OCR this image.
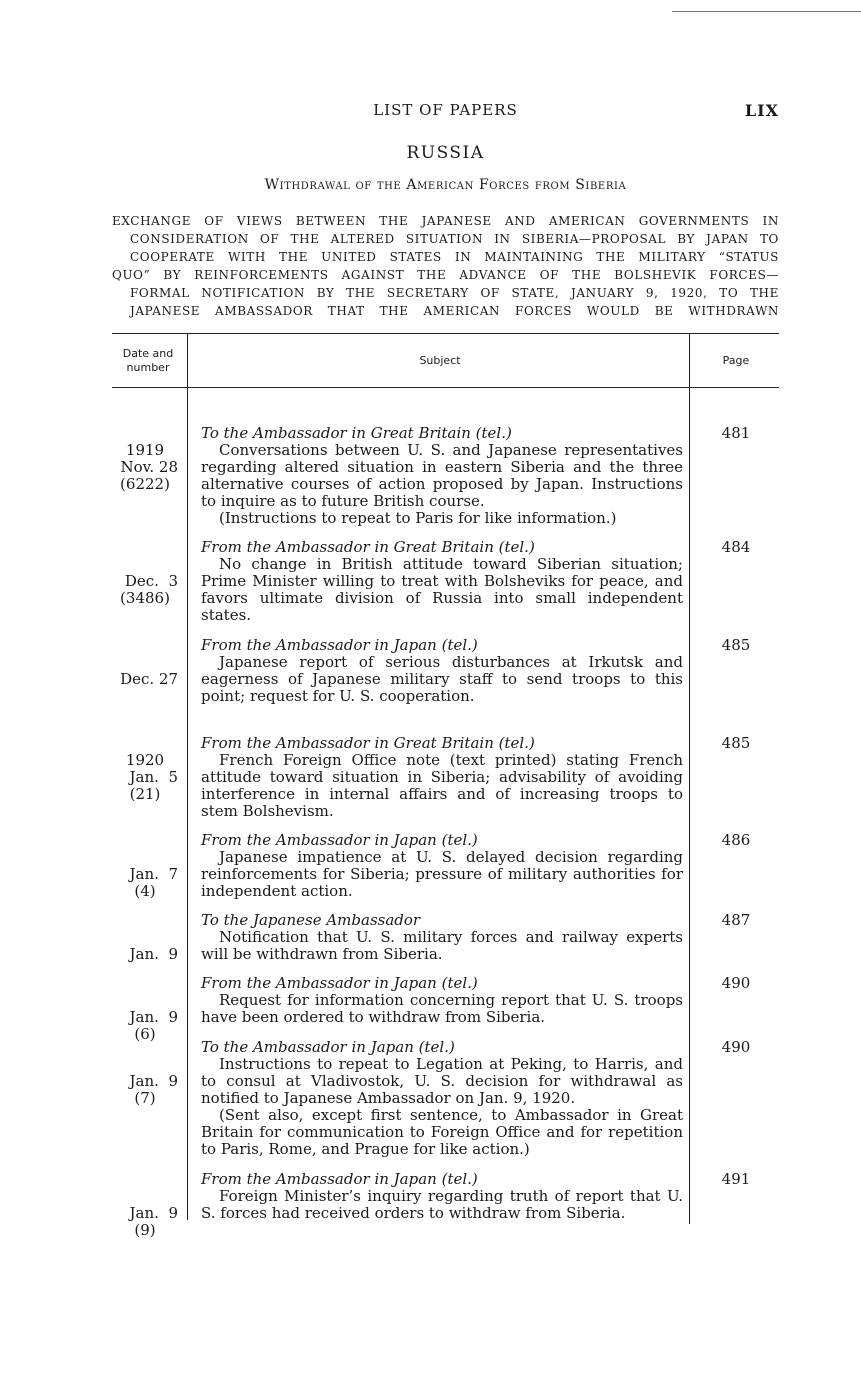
LIST OF PAPERS	LIX
RUSSIA
Withdrawal of the American Forces from Siberia
EXCHANGE OF VIEWS BETWEEN THE JAPANESE AND AMERICAN GOVERNMENTS IN
CONSIDERATION OF THE ALTERED SITUATION IN SIBERIA—PROPOSAL BY JAPAN TO
COOPERATE WITH THE UNITED STATES IN MAINTAINING THE MILITARY “STATUS
QUO” BY REINFORCEMENTS AGAINST THE ADVANCE OF THE BOLSHEVIK FORCES—
FORMAL NOTIFICATION BY THE SECRETARY OF STATE, JANUARY 9, 1920, TO THE
JAPANESE AMBASSADOR THAT THE AMERICAN FORCES WOULD BE WITHDRAWN
Date and
number
Subject	Page

1919
Nov. 28
(6222)

To the Ambassador in Great Britain (tel.)
Conversations between U. S. and Japanese representatives regarding altered situation in eastern Siberia and the three alternative courses of action proposed by Japan. Instructions to inquire as to future British course.
(Instructions to repeat to Paris for like information.)
481

Dec.  3
(3486)

From the Ambassador in Great Britain (tel.)
No change in British attitude toward Siberian situation; Prime Minister willing to treat with Bolsheviks for peace, and favors ultimate division of Russia into small independent states.
484

Dec. 27

From the Ambassador in Japan (tel.)
Japanese report of serious disturbances at Irkutsk and eagerness of Japanese military staff to send troops to this point; request for U. S. cooperation.
485

1920
Jan.  5
(21)

From the Ambassador in Great Britain (tel.)
French Foreign Office note (text printed) stating French attitude toward situation in Siberia; advisability of avoiding interference in internal affairs and of increasing troops to stem Bolshevism.
485

Jan.  7
(4)

From the Ambassador in Japan (tel.)
Japanese impatience at U. S. delayed decision regarding reinforcements for Siberia; pressure of military authorities for independent action.
486

Jan.  9

To the Japanese Ambassador
Notification that U. S. military forces and railway experts will be withdrawn from Siberia.
487

Jan.  9
(6)

From the Ambassador in Japan (tel.)
Request for information concerning report that U. S. troops have been ordered to withdraw from Siberia.
490

Jan.  9
(7)

To the Ambassador in Japan (tel.)
Instructions to repeat to Legation at Peking, to Harris, and to consul at Vladivostok, U. S. decision for withdrawal as notified to Japanese Ambassador on Jan. 9, 1920.
(Sent also, except first sentence, to Ambassador in Great Britain for communication to Foreign Office and for repetition to Paris, Rome, and Prague for like action.)
490

Jan.  9
(9)

From the Ambassador in Japan (tel.)
Foreign Minister’s inquiry regarding truth of report that U. S. forces had received orders to withdraw from Siberia.
491
